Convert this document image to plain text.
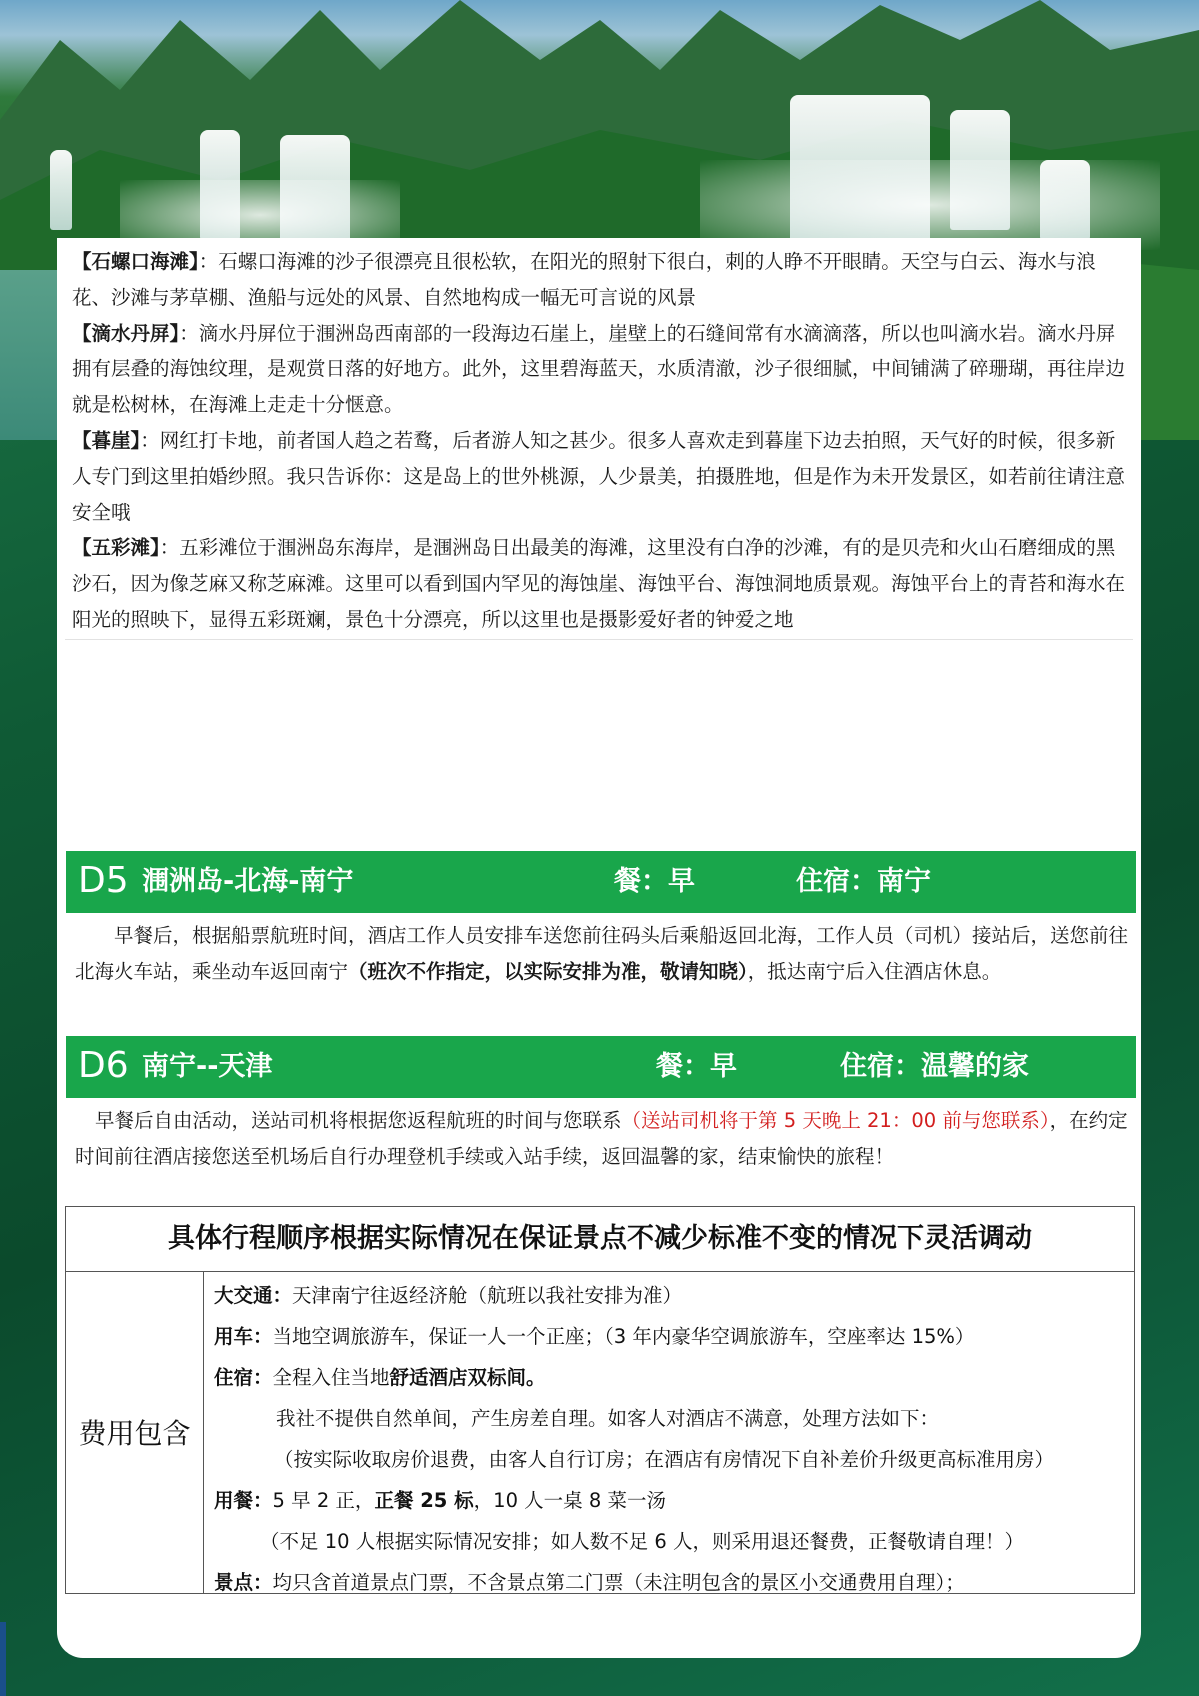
【石螺口海滩】：石螺口海滩的沙子很漂亮且很松软，在阳光的照射下很白，刺的人睁不开眼睛。天空与白云、海水与浪花、沙滩与茅草棚、渔船与远处的风景、自然地构成一幅无可言说的风景

【滴水丹屏】：滴水丹屏位于涠洲岛西南部的一段海边石崖上，崖壁上的石缝间常有水滴滴落，所以也叫滴水岩。滴水丹屏拥有层叠的海蚀纹理，是观赏日落的好地方。此外，这里碧海蓝天，水质清澈，沙子很细腻，中间铺满了碎珊瑚，再往岸边就是松树林，在海滩上走走十分惬意。

【暮崖】：网红打卡地，前者国人趋之若鹜，后者游人知之甚少。很多人喜欢走到暮崖下边去拍照，天气好的时候，很多新人专门到这里拍婚纱照。我只告诉你：这是岛上的世外桃源，人少景美，拍摄胜地，但是作为未开发景区，如若前往请注意安全哦

【五彩滩】：五彩滩位于涠洲岛东海岸，是涠洲岛日出最美的海滩，这里没有白净的沙滩，有的是贝壳和火山石磨细成的黑沙石，因为像芝麻又称芝麻滩。这里可以看到国内罕见的海蚀崖、海蚀平台、海蚀洞地质景观。海蚀平台上的青苔和海水在阳光的照映下，显得五彩斑斓，景色十分漂亮，所以这里也是摄影爱好者的钟爱之地

D5 涠洲岛-北海-南宁	餐：早	住宿：南宁

早餐后，根据船票航班时间，酒店工作人员安排车送您前往码头后乘船返回北海，工作人员（司机）接站后，送您前往北海火车站，乘坐动车返回南宁（班次不作指定，以实际安排为准，敬请知晓），抵达南宁后入住酒店休息。

D6 南宁--天津	餐：早	住宿：温馨的家

早餐后自由活动，送站司机将根据您返程航班的时间与您联系（送站司机将于第 5 天晚上 21：00 前与您联系），在约定时间前往酒店接您送至机场后自行办理登机手续或入站手续，返回温馨的家，结束愉快的旅程！

具体行程顺序根据实际情况在保证景点不减少标准不变的情况下灵活调动
费用包含

大交通：天津南宁往返经济舱（航班以我社安排为准）

用车：当地空调旅游车，保证一人一个正座；（3 年内豪华空调旅游车，空座率达 15%）

住宿：全程入住当地舒适酒店双标间。

我社不提供自然单间，产生房差自理。如客人对酒店不满意，处理方法如下：

（按实际收取房价退费，由客人自行订房；在酒店有房情况下自补差价升级更高标准用房）

用餐：5 早 2 正，正餐 25 标，10 人一桌 8 菜一汤

（不足 10 人根据实际情况安排；如人数不足 6 人，则采用退还餐费，正餐敬请自理！）

景点：均只含首道景点门票，不含景点第二门票（未注明包含的景区小交通费用自理）；
